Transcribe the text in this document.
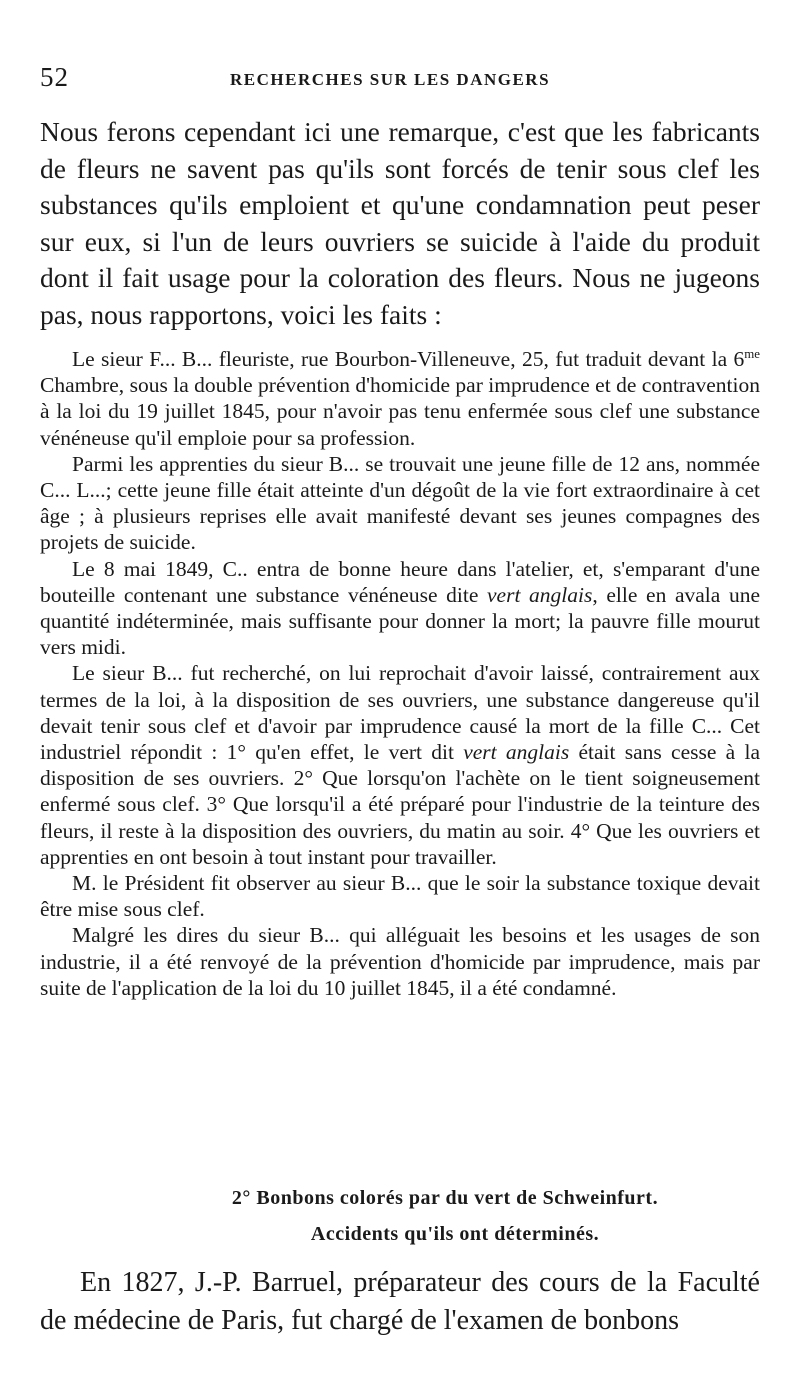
52	RECHERCHES SUR LES DANGERS
Nous ferons cependant ici une remarque, c'est que les fabricants de fleurs ne savent pas qu'ils sont forcés de tenir sous clef les substances qu'ils emploient et qu'une condamnation peut peser sur eux, si l'un de leurs ouvriers se suicide à l'aide du produit dont il fait usage pour la coloration des fleurs. Nous ne jugeons pas, nous rapportons, voici les faits :

Le sieur F... B... fleuriste, rue Bourbon-Villeneuve, 25, fut traduit devant la $6^{me}$ Chambre, sous la double prévention d'homicide par imprudence et de contravention à la loi du 19 juillet 1845, pour n'avoir pas tenu enfermée sous clef une substance vénéneuse qu'il emploie pour sa profession.

Parmi les apprenties du sieur B... se trouvait une jeune fille de 12 ans, nommée C... L...; cette jeune fille était atteinte d'un dégoût de la vie fort extraordinaire à cet âge ; à plusieurs reprises elle avait manifesté devant ses jeunes compagnes des projets de suicide.

Le 8 mai 1849, C.. entra de bonne heure dans l'atelier, et, s'emparant d'une bouteille contenant une substance vénéneuse dite vert anglais, elle en avala une quantité indéterminée, mais suffisante pour donner la mort; la pauvre fille mourut vers midi.

Le sieur B... fut recherché, on lui reprochait d'avoir laissé, contrairement aux termes de la loi, à la disposition de ses ouvriers, une substance dangereuse qu'il devait tenir sous clef et d'avoir par imprudence causé la mort de la fille C... Cet industriel répondit : 1° qu'en effet, le vert dit vert anglais était sans cesse à la disposition de ses ouvriers. 2° Que lorsqu'on l'achète on le tient soigneusement enfermé sous clef. 3° Que lorsqu'il a été préparé pour l'industrie de la teinture des fleurs, il reste à la disposition des ouvriers, du matin au soir. 4° Que les ouvriers et apprenties en ont besoin à tout instant pour travailler.

M. le Président fit observer au sieur B... que le soir la substance toxique devait être mise sous clef.

Malgré les dires du sieur B... qui alléguait les besoins et les usages de son industrie, il a été renvoyé de la prévention d'homicide par imprudence, mais par suite de l'application de la loi du 10 juillet 1845, il a été condamné.

2° Bonbons colorés par du vert de Schweinfurt.
Accidents qu'ils ont déterminés.

En 1827, J.-P. Barruel, préparateur des cours de la Faculté de médecine de Paris, fut chargé de l'examen de bonbons
